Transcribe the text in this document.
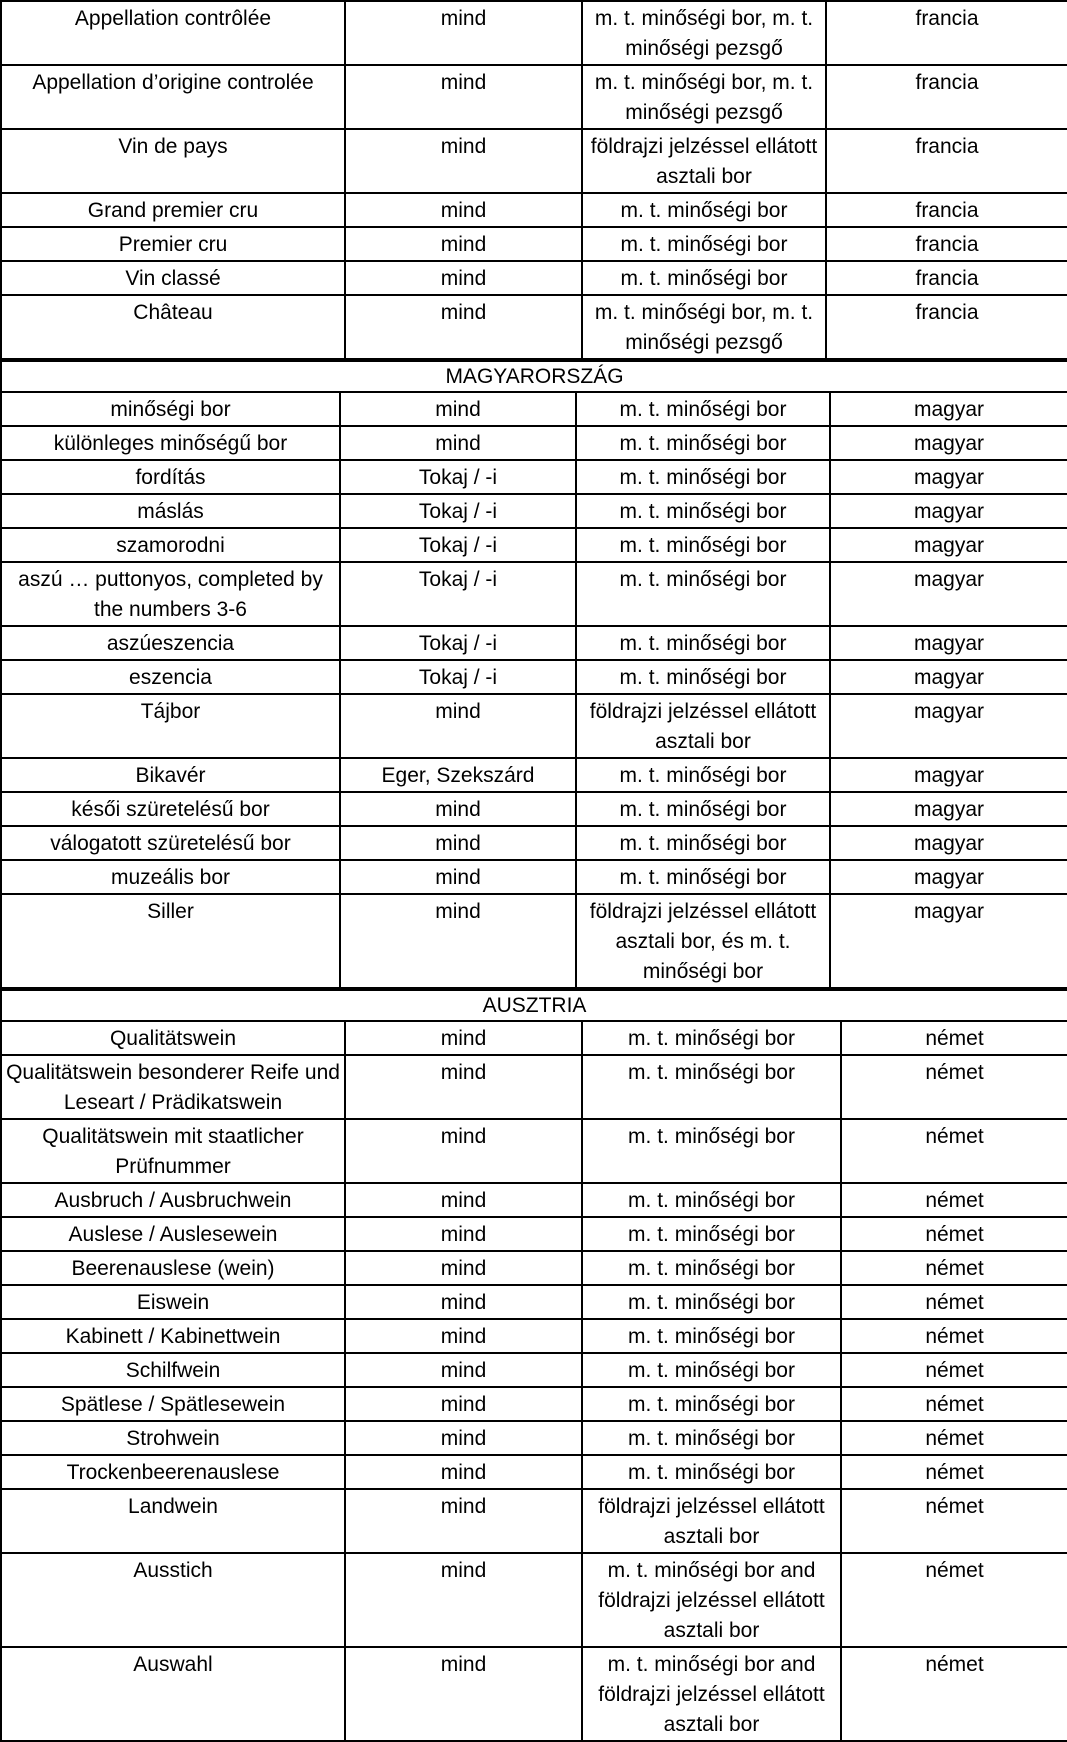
Appellation contrôlée	mind	m. t. minőségi bor, m. t. minőségi pezsgő	francia
Appellation d’origine controlée	mind	m. t. minőségi bor, m. t. minőségi pezsgő	francia
Vin de pays	mind	földrajzi jelzéssel ellátott asztali bor	francia
Grand premier cru	mind	m. t. minőségi bor	francia
Premier cru	mind	m. t. minőségi bor	francia
Vin classé	mind	m. t. minőségi bor	francia
Château	mind	m. t. minőségi bor, m. t. minőségi pezsgő	francia
MAGYARORSZÁG			
minőségi bor	mind	m. t. minőségi bor	magyar
különleges minőségű bor	mind	m. t. minőségi bor	magyar
fordítás	Tokaj / -i	m. t. minőségi bor	magyar
máslás	Tokaj / -i	m. t. minőségi bor	magyar
szamorodni	Tokaj / -i	m. t. minőségi bor	magyar
aszú … puttonyos, completed by the numbers 3-6	Tokaj / -i	m. t. minőségi bor	magyar
aszúeszencia	Tokaj / -i	m. t. minőségi bor	magyar
eszencia	Tokaj / -i	m. t. minőségi bor	magyar
Tájbor	mind	földrajzi jelzéssel ellátott asztali bor	magyar
Bikavér	Eger, Szekszárd	m. t. minőségi bor	magyar
késői szüretelésű bor	mind	m. t. minőségi bor	magyar
válogatott szüretelésű bor	mind	m. t. minőségi bor	magyar
muzeális bor	mind	m. t. minőségi bor	magyar
Siller	mind	földrajzi jelzéssel ellátott asztali bor, és m. t. minőségi bor	magyar
AUSZTRIA			
Qualitätswein	mind	m. t. minőségi bor	német
Qualitätswein besonderer Reife und Leseart / Prädikatswein	mind	m. t. minőségi bor	német
Qualitätswein mit staatlicher Prüfnummer	mind	m. t. minőségi bor	német
Ausbruch / Ausbruchwein	mind	m. t. minőségi bor	német
Auslese / Auslesewein	mind	m. t. minőségi bor	német
Beerenauslese (wein)	mind	m. t. minőségi bor	német
Eiswein	mind	m. t. minőségi bor	német
Kabinett / Kabinettwein	mind	m. t. minőségi bor	német
Schilfwein	mind	m. t. minőségi bor	német
Spätlese / Spätlesewein	mind	m. t. minőségi bor	német
Strohwein	mind	m. t. minőségi bor	német
Trockenbeerenauslese	mind	m. t. minőségi bor	német
Landwein	mind	földrajzi jelzéssel ellátott asztali bor	német
Ausstich	mind	m. t. minőségi bor and földrajzi jelzéssel ellátott asztali bor	német
Auswahl	mind	m. t. minőségi bor and földrajzi jelzéssel ellátott asztali bor	német
